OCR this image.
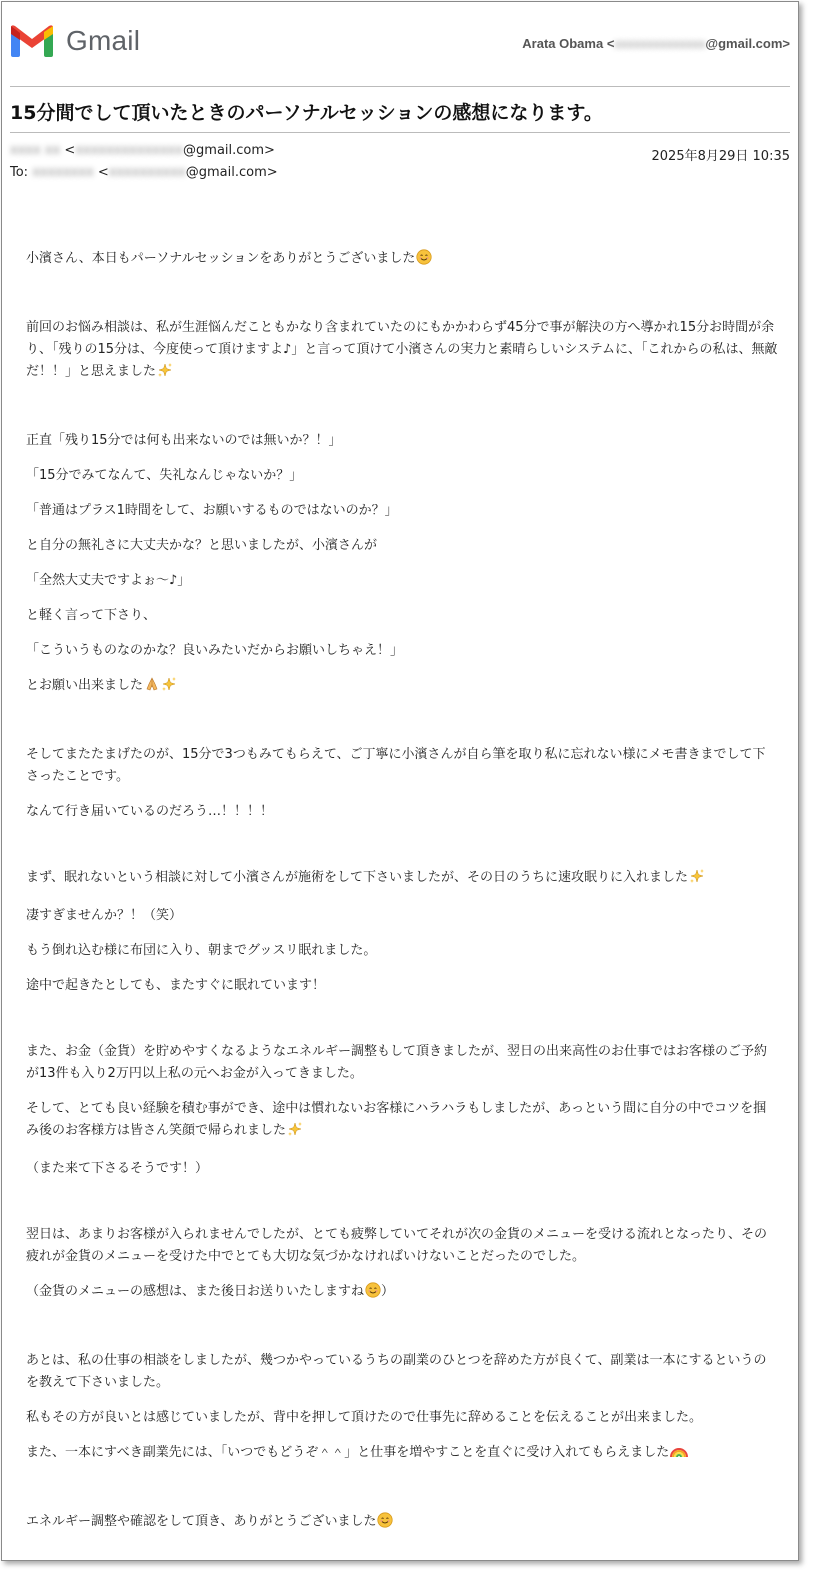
Gmail	Arata Obama <xxxxxxxxxxxxxx@gmail.com>
15分間でして頂いたときのパーソナルセッションの感想になります。
xxxx xx <xxxxxxxxxxxxxx@gmail.com>	2025年8月29日 10:35
To: xxxxxxxx <xxxxxxxxxx@gmail.com>

小濱さん、本日もパーソナルセッションをありがとうございました

前回のお悩み相談は、私が生涯悩んだこともかなり含まれていたのにもかかわらず45分で事が解決の方へ導かれ15分お時間が余り、「残りの15分は、今度使って頂けますよ♪」と言って頂けて小濱さんの実力と素晴らしいシステムに、「これからの私は、無敵だ！！」と思えました

正直「残り15分では何も出来ないのでは無いか？！」

「15分でみてなんて、失礼なんじゃないか？」

「普通はプラス1時間をして、お願いするものではないのか？」

と自分の無礼さに大丈夫かな？と思いましたが、小濱さんが

「全然大丈夫ですよぉ〜♪」

と軽く言って下さり、

「こういうものなのかな？良いみたいだからお願いしちゃえ！」

とお願い出来ました

そしてまたたまげたのが、15分で3つもみてもらえて、ご丁寧に小濱さんが自ら筆を取り私に忘れない様にメモ書きまでして下さったことです。

なんて行き届いているのだろう…！！！！

まず、眠れないという相談に対して小濱さんが施術をして下さいましたが、その日のうちに速攻眠りに入れました

凄すぎませんか？！（笑）

もう倒れ込む様に布団に入り、朝までグッスリ眠れました。

途中で起きたとしても、またすぐに眠れています！

また、お金（金貨）を貯めやすくなるようなエネルギー調整もして頂きましたが、翌日の出来高性のお仕事ではお客様のご予約が13件も入り2万円以上私の元へお金が入ってきました。

そして、とても良い経験を積む事ができ、途中は慣れないお客様にハラハラもしましたが、あっという間に自分の中でコツを掴み後のお客様方は皆さん笑顔で帰られました

（また来て下さるそうです！）

翌日は、あまりお客様が入られませんでしたが、とても疲弊していてそれが次の金貨のメニューを受ける流れとなったり、その疲れが金貨のメニューを受けた中でとても大切な気づかなければいけないことだったのでした。

（金貨のメニューの感想は、また後日お送りいたしますね ）

あとは、私の仕事の相談をしましたが、幾つかやっているうちの副業のひとつを辞めた方が良くて、副業は一本にするというのを教えて下さいました。

私もその方が良いとは感じていましたが、背中を押して頂けたので仕事先に辞めることを伝えることが出来ました。

また、一本にすべき副業先には、「いつでもどうぞ＾＾」と仕事を増やすことを直ぐに受け入れてもらえました

エネルギー調整や確認をして頂き、ありがとうございました
